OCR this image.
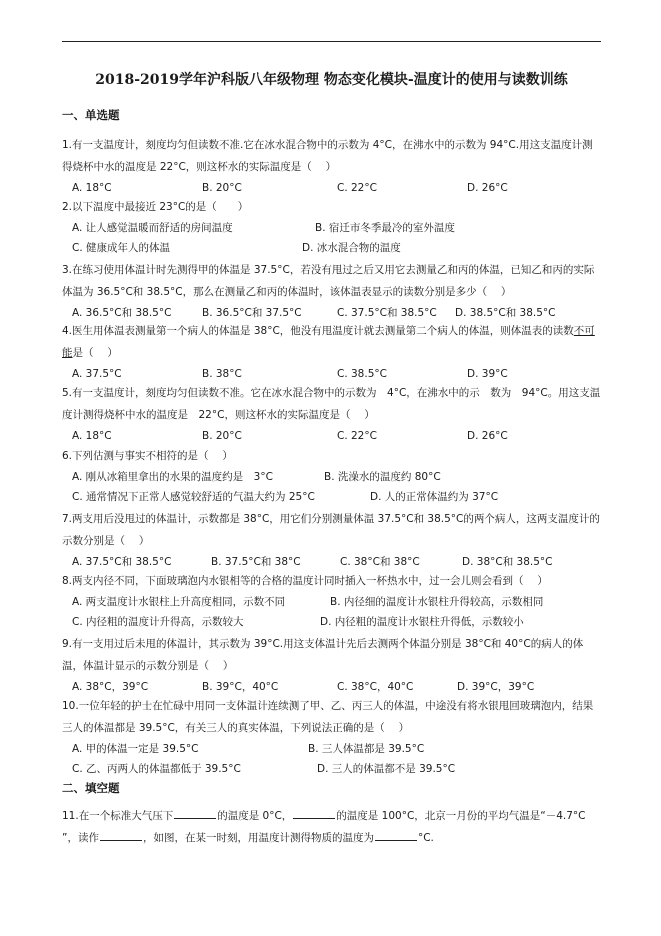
2018-2019学年沪科版八年级物理 物态变化模块-温度计的使用与读数训练
一、单选题
1.有一支温度计，刻度均匀但读数不准.它在冰水混合物中的示数为 4°C，在沸水中的示数为 94°C.用这支温度计测得烧杯中水的温度是 22°C，则这杯水的实际温度是（　 ）
A. 18°C	B. 20°C	C. 22°C	D. 26°C
2.以下温度中最接近 23°C的是（　　）
A. 让人感觉温暖而舒适的房间温度	B. 宿迁市冬季最冷的室外温度
C. 健康成年人的体温	D. 冰水混合物的温度
3.在练习使用体温计时先测得甲的体温是 37.5°C，若没有甩过之后又用它去测量乙和丙的体温，已知乙和丙的实际体温为 36.5°C和 38.5°C，那么在测量乙和丙的体温时，该体温表显示的读数分别是多少（　 ）
A. 36.5°C和 38.5°C	B. 36.5°C和 37.5°C	C. 37.5°C和 38.5°C D. 38.5°C和 38.5°C
4.医生用体温表测量第一个病人的体温是 38°C，他没有甩温度计就去测量第二个病人的体温，则体温表的读数不可能是（　 ）
A. 37.5°C	B. 38°C	C. 38.5°C	D. 39°C
5.有一支温度计，刻度均匀但读数不准。它在冰水混合物中的示数为　4°C，在沸水中的示　数为　94°C。用这支温度计测得烧杯中水的温度是　22°C，则这杯水的实际温度是（　 ）
A. 18°C	B. 20°C	C. 22°C	D. 26°C
6.下列估测与事实不相符的是（　 ）
A. 刚从冰箱里拿出的水果的温度约是　3°C	B. 洗澡水的温度约 80°C
C. 通常情况下正常人感觉较舒适的气温大约为 25°C	D. 人的正常体温约为 37°C
7.两支用后没甩过的体温计，示数都是 38°C，用它们分别测量体温 37.5°C和 38.5°C的两个病人，这两支温度计的示数分别是（　 ）
A. 37.5°C和 38.5°C	B. 37.5°C和 38°C	C. 38°C和 38°C	D. 38°C和 38.5°C
8.两支内径不同，下面玻璃泡内水银相等的合格的温度计同时插入一杯热水中，过一会儿则会看到（　 ）
A. 两支温度计水银柱上升高度相同，示数不同	B. 内径细的温度计水银柱升得较高，示数相同
C. 内径粗的温度计升得高，示数较大	D. 内径粗的温度计水银柱升得低，示数较小
9.有一支用过后未甩的体温计，其示数为 39°C.用这支体温计先后去测两个体温分别是 38°C和 40°C的病人的体温，体温计显示的示数分别是（　 ）
A. 38°C，39°C	B. 39°C，40°C	C. 38°C，40°C	D. 39°C，39°C
10.一位年轻的护士在忙碌中用同一支体温计连续测了甲、乙、丙三人的体温，中途没有将水银甩回玻璃泡内，结果三人的体温都是 39.5°C，有关三人的真实体温，下列说法正确的是（　 ）
A. 甲的体温一定是 39.5°C	B. 三人体温都是 39.5°C
C. 乙、丙两人的体温都低于 39.5°C	D. 三人的体温都不是 39.5°C
二、填空题
11.在一个标准大气压下	的温度是 0°C，	的温度是 100°C，北京一月份的平均气温是“－4.7°C
”，读作	，如图，在某一时刻，用温度计测得物质的温度为	°C.
